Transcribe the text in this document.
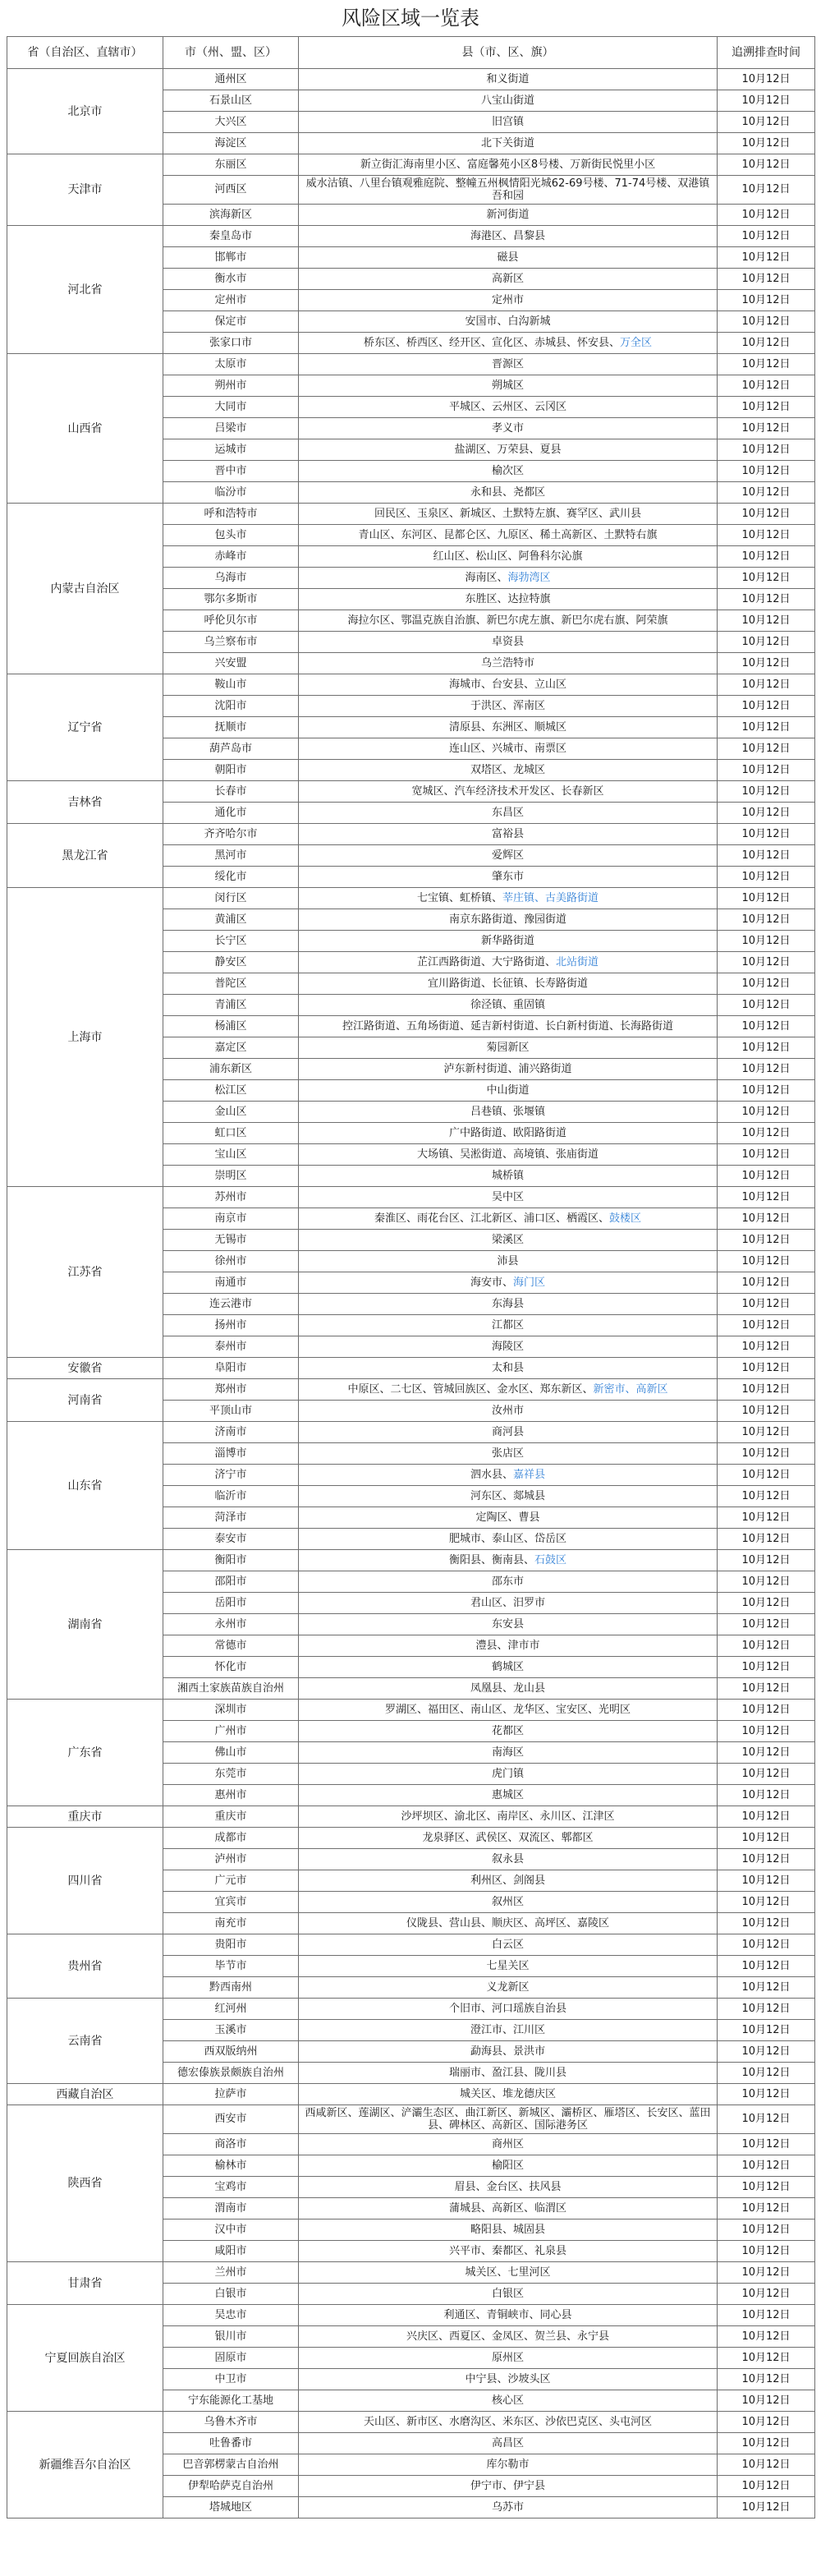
风险区域一览表
省（自治区、直辖市）	市（州、盟、区）	县（市、区、旗）	追溯排查时间
北京市	通州区	和义街道	10月12日
	石景山区	八宝山街道	10月12日
	大兴区	旧宫镇	10月12日
	海淀区	北下关街道	10月12日
天津市	东丽区	新立街汇海南里小区、富庭馨苑小区8号楼、万新街民悦里小区	10月12日
	河西区	威水沽镇、八里台镇观雅庭院、整幢五州枫情阳光城62-69号楼、71-74号楼、双港镇吾和园	10月12日
	滨海新区	新河街道	10月12日
河北省	秦皇岛市	海港区、昌黎县	10月12日
	邯郸市	磁县	10月12日
	衡水市	高新区	10月12日
	定州市	定州市	10月12日
	保定市	安国市、白沟新城	10月12日
	张家口市	桥东区、桥西区、经开区、宣化区、赤城县、怀安县、万全区	10月12日
山西省	太原市	晋源区	10月12日
	朔州市	朔城区	10月12日
	大同市	平城区、云州区、云冈区	10月12日
	吕梁市	孝义市	10月12日
	运城市	盐湖区、万荣县、夏县	10月12日
	晋中市	榆次区	10月12日
	临汾市	永和县、尧都区	10月12日
内蒙古自治区	呼和浩特市	回民区、玉泉区、新城区、土默特左旗、赛罕区、武川县	10月12日
	包头市	青山区、东河区、昆都仑区、九原区、稀土高新区、土默特右旗	10月12日
	赤峰市	红山区、松山区、阿鲁科尔沁旗	10月12日
	乌海市	海南区、海勃湾区	10月12日
	鄂尔多斯市	东胜区、达拉特旗	10月12日
	呼伦贝尔市	海拉尔区、鄂温克族自治旗、新巴尔虎左旗、新巴尔虎右旗、阿荣旗	10月12日
	乌兰察布市	卓资县	10月12日
	兴安盟	乌兰浩特市	10月12日
辽宁省	鞍山市	海城市、台安县、立山区	10月12日
	沈阳市	于洪区、浑南区	10月12日
	抚顺市	清原县、东洲区、顺城区	10月12日
	葫芦岛市	连山区、兴城市、南票区	10月12日
	朝阳市	双塔区、龙城区	10月12日
吉林省	长春市	宽城区、汽车经济技术开发区、长春新区	10月12日
	通化市	东昌区	10月12日
黑龙江省	齐齐哈尔市	富裕县	10月12日
	黑河市	爱辉区	10月12日
	绥化市	肇东市	10月12日
上海市	闵行区	七宝镇、虹桥镇、莘庄镇、古美路街道	10月12日
	黄浦区	南京东路街道、豫园街道	10月12日
	长宁区	新华路街道	10月12日
	静安区	芷江西路街道、大宁路街道、北站街道	10月12日
	普陀区	宜川路街道、长征镇、长寿路街道	10月12日
	青浦区	徐泾镇、重固镇	10月12日
	杨浦区	控江路街道、五角场街道、延吉新村街道、长白新村街道、长海路街道	10月12日
	嘉定区	菊园新区	10月12日
	浦东新区	泸东新村街道、浦兴路街道	10月12日
	松江区	中山街道	10月12日
	金山区	吕巷镇、张堰镇	10月12日
	虹口区	广中路街道、欧阳路街道	10月12日
	宝山区	大场镇、吴淞街道、高境镇、张庙街道	10月12日
	崇明区	城桥镇	10月12日
江苏省	苏州市	吴中区	10月12日
	南京市	秦淮区、雨花台区、江北新区、浦口区、栖霞区、鼓楼区	10月12日
	无锡市	梁溪区	10月12日
	徐州市	沛县	10月12日
	南通市	海安市、海门区	10月12日
	连云港市	东海县	10月12日
	扬州市	江都区	10月12日
	泰州市	海陵区	10月12日
安徽省	阜阳市	太和县	10月12日
河南省	郑州市	中原区、二七区、管城回族区、金水区、郑东新区、新密市、高新区	10月12日
	平顶山市	汝州市	10月12日
山东省	济南市	商河县	10月12日
	淄博市	张店区	10月12日
	济宁市	泗水县、嘉祥县	10月12日
	临沂市	河东区、郯城县	10月12日
	菏泽市	定陶区、曹县	10月12日
	泰安市	肥城市、泰山区、岱岳区	10月12日
湖南省	衡阳市	衡阳县、衡南县、石鼓区	10月12日
	邵阳市	邵东市	10月12日
	岳阳市	君山区、汨罗市	10月12日
	永州市	东安县	10月12日
	常德市	澧县、津市市	10月12日
	怀化市	鹤城区	10月12日
	湘西土家族苗族自治州	凤凰县、龙山县	10月12日
广东省	深圳市	罗湖区、福田区、南山区、龙华区、宝安区、光明区	10月12日
	广州市	花都区	10月12日
	佛山市	南海区	10月12日
	东莞市	虎门镇	10月12日
	惠州市	惠城区	10月12日
重庆市	重庆市	沙坪坝区、渝北区、南岸区、永川区、江津区	10月12日
四川省	成都市	龙泉驿区、武侯区、双流区、郫都区	10月12日
	泸州市	叙永县	10月12日
	广元市	利州区、剑阁县	10月12日
	宜宾市	叙州区	10月12日
	南充市	仪陇县、营山县、顺庆区、高坪区、嘉陵区	10月12日
贵州省	贵阳市	白云区	10月12日
	毕节市	七星关区	10月12日
	黔西南州	义龙新区	10月12日
云南省	红河州	个旧市、河口瑶族自治县	10月12日
	玉溪市	澄江市、江川区	10月12日
	西双版纳州	勐海县、景洪市	10月12日
	德宏傣族景颇族自治州	瑞丽市、盈江县、陇川县	10月12日
西藏自治区	拉萨市	城关区、堆龙德庆区	10月12日
陕西省	西安市	西咸新区、莲湖区、浐灞生态区、曲江新区、新城区、灞桥区、雁塔区、长安区、蓝田县、碑林区、高新区、国际港务区	10月12日
	商洛市	商州区	10月12日
	榆林市	榆阳区	10月12日
	宝鸡市	眉县、金台区、扶风县	10月12日
	渭南市	蒲城县、高新区、临渭区	10月12日
	汉中市	略阳县、城固县	10月12日
	咸阳市	兴平市、秦都区、礼泉县	10月12日
甘肃省	兰州市	城关区、七里河区	10月12日
	白银市	白银区	10月12日
宁夏回族自治区	吴忠市	利通区、青铜峡市、同心县	10月12日
	银川市	兴庆区、西夏区、金凤区、贺兰县、永宁县	10月12日
	固原市	原州区	10月12日
	中卫市	中宁县、沙坡头区	10月12日
	宁东能源化工基地	核心区	10月12日
新疆维吾尔自治区	乌鲁木齐市	天山区、新市区、水磨沟区、米东区、沙依巴克区、头屯河区	10月12日
	吐鲁番市	高昌区	10月12日
	巴音郭楞蒙古自治州	库尔勒市	10月12日
	伊犁哈萨克自治州	伊宁市、伊宁县	10月12日
	塔城地区	乌苏市	10月12日
